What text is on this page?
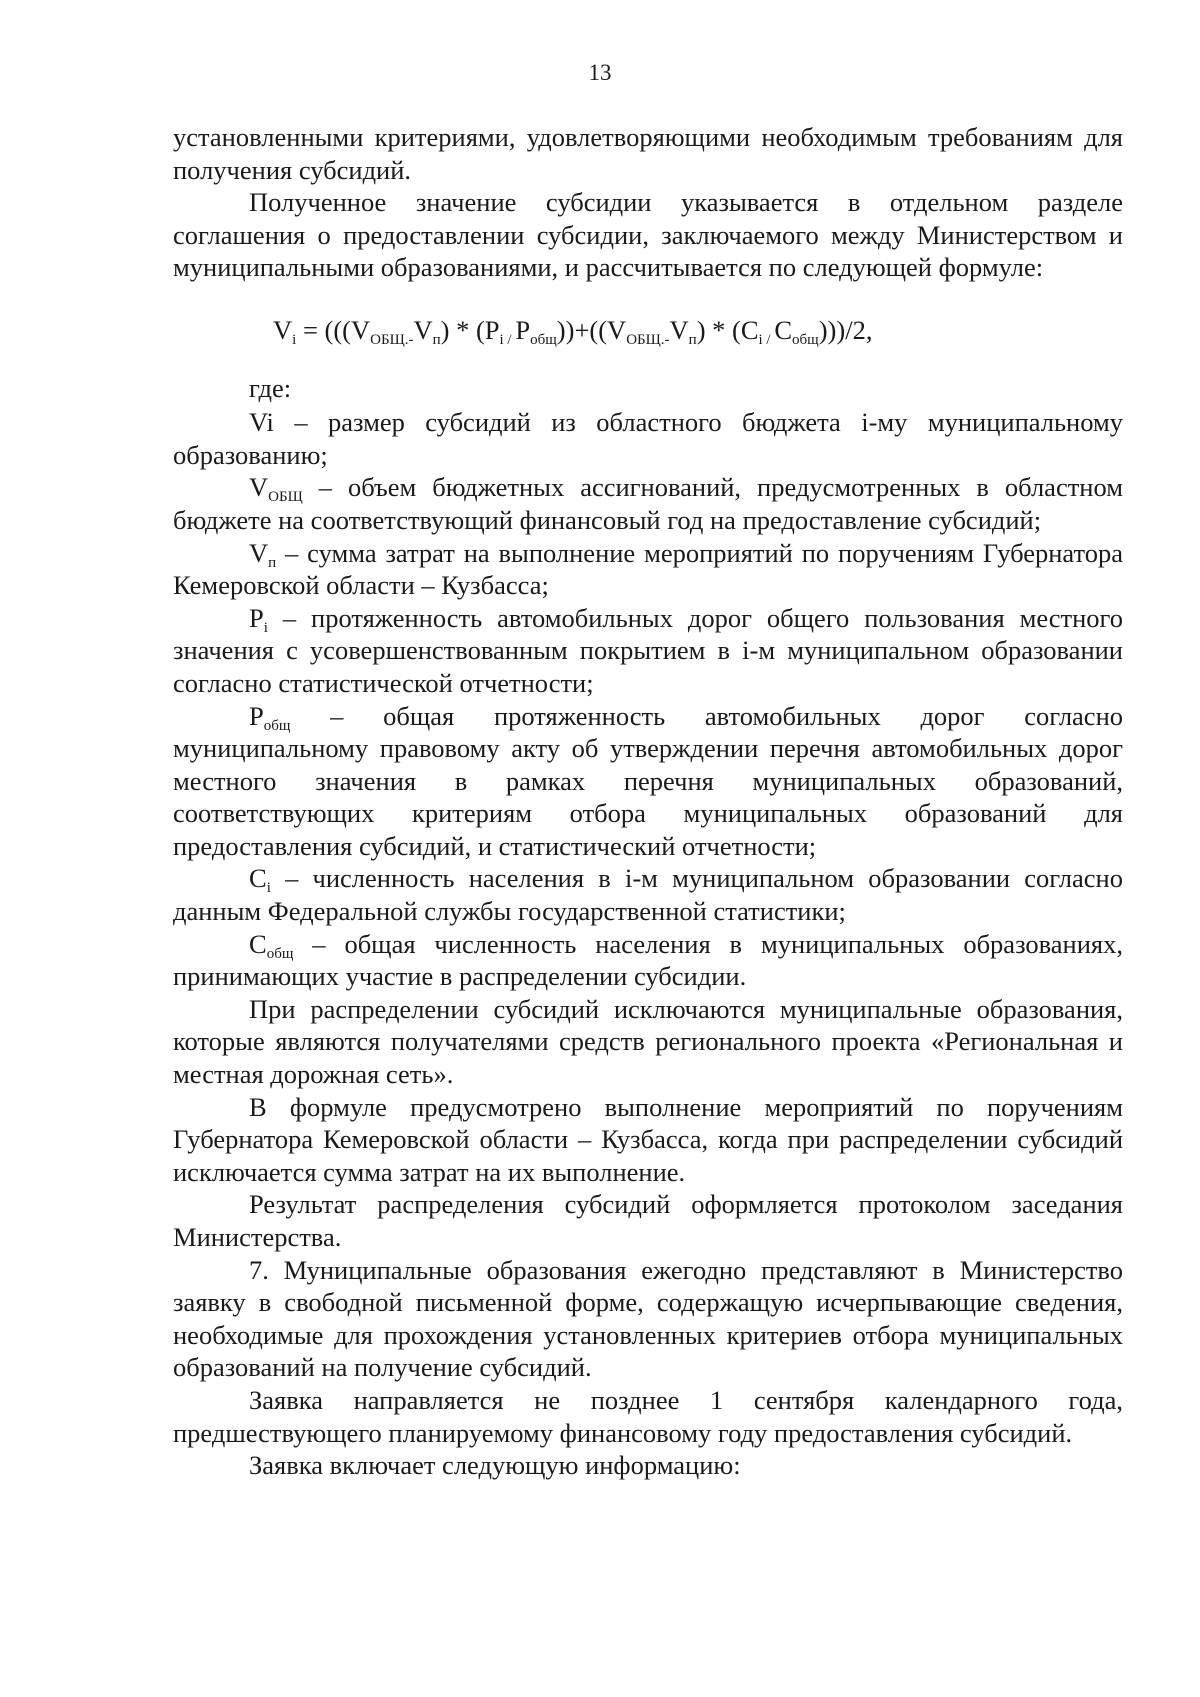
13

установленными критериями, удовлетворяющими необходимым требованиям для получения субсидий.

Полученное значение субсидии указывается в отдельном разделе соглашения о предоставлении субсидии, заключаемого между Министерством и муниципальными образованиями, и рассчитывается по следующей формуле:

$V_i = (((V_{ОБЩ.-}V_п) * (P_{i /}$ $P_{общ}))+((V_{ОБЩ.-}V_п) * (C_{i /}$ $C_{общ})))/2$,

где:

Vi – размер субсидий из областного бюджета i-му муниципальному образованию;

$V_{ОБЩ}$ – объем бюджетных ассигнований, предусмотренных в областном бюджете на соответствующий финансовый год на предоставление субсидий;

$V_п$ – сумма затрат на выполнение мероприятий по поручениям Губернатора Кемеровской области – Кузбасса;

$P_i$ – протяженность автомобильных дорог общего пользования местного значения с усовершенствованным покрытием в i-м муниципальном образовании согласно статистической отчетности;

$P_{общ}$ – общая протяженность автомобильных дорог согласно муниципальному правовому акту об утверждении перечня автомобильных дорог местного значения в рамках перечня муниципальных образований, соответствующих критериям отбора муниципальных образований для предоставления субсидий, и статистический отчетности;

$C_i$ – численность населения в i-м муниципальном образовании согласно данным Федеральной службы государственной статистики;

$C_{общ}$ – общая численность населения в муниципальных образованиях, принимающих участие в распределении субсидии.

При распределении субсидий исключаются муниципальные образования, которые являются получателями средств регионального проекта «Региональная и местная дорожная сеть».

В формуле предусмотрено выполнение мероприятий по поручениям Губернатора Кемеровской области – Кузбасса, когда при распределении субсидий исключается сумма затрат на их выполнение.

Результат распределения субсидий оформляется протоколом заседания Министерства.

7. Муниципальные образования ежегодно представляют в Министерство заявку в свободной письменной форме, содержащую исчерпывающие сведения, необходимые для прохождения установленных критериев отбора муниципальных образований на получение субсидий.

Заявка направляется не позднее 1 сентября календарного года, предшествующего планируемому финансовому году предоставления субсидий.

Заявка включает следующую информацию:
